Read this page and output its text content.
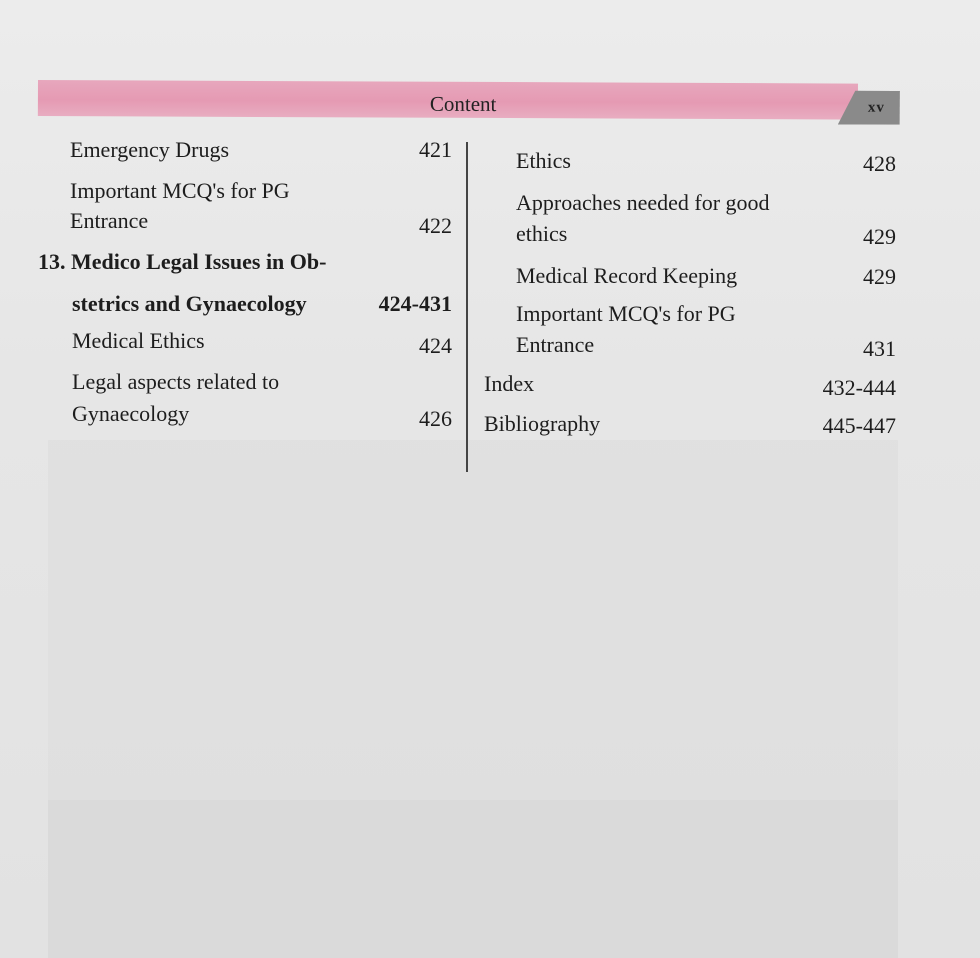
Content	xv
Emergency Drugs	421
Important MCQ's for PG
Entrance	422
13. Medico Legal Issues in Ob-
stetrics and Gynaecology	424-431
Medical Ethics	424
Legal aspects related to
Gynaecology	426
Ethics	428
Approaches needed for good
ethics	429
Medical Record Keeping	429
Important MCQ's for PG
Entrance	431
Index	432-444
Bibliography	445-447
